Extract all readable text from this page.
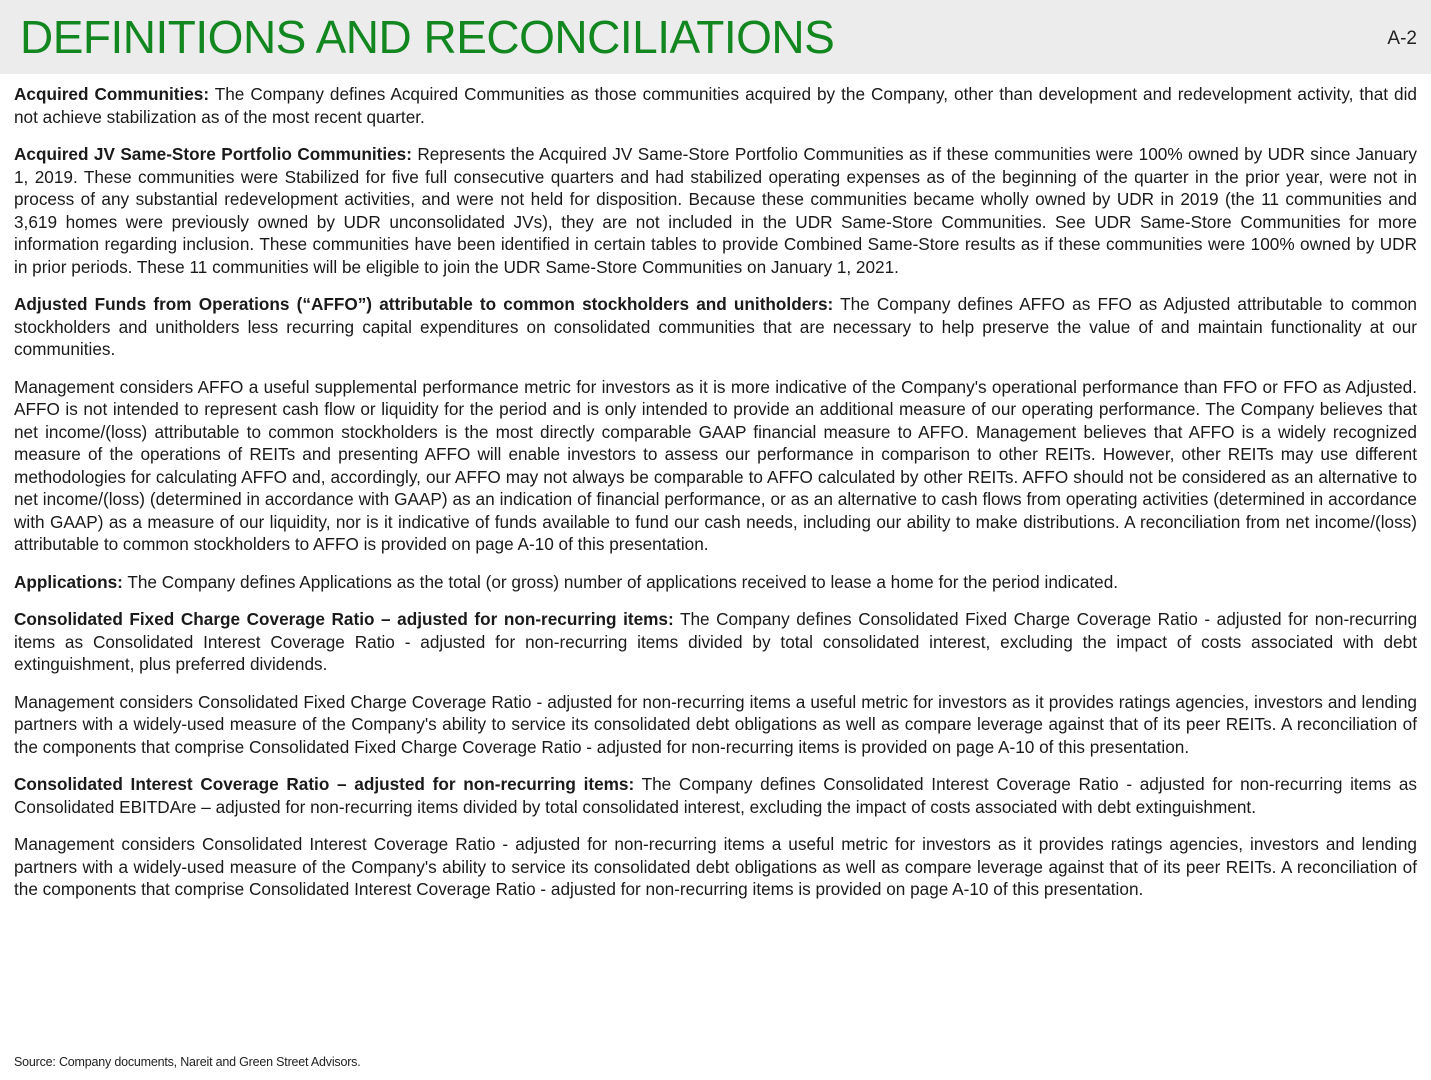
DEFINITIONS AND RECONCILIATIONS	A-2

Acquired Communities: The Company defines Acquired Communities as those communities acquired by the Company, other than development and redevelopment activity, that did not achieve stabilization as of the most recent quarter.

Acquired JV Same-Store Portfolio Communities: Represents the Acquired JV Same-Store Portfolio Communities as if these communities were 100% owned by UDR since January 1, 2019. These communities were Stabilized for five full consecutive quarters and had stabilized operating expenses as of the beginning of the quarter in the prior year, were not in process of any substantial redevelopment activities, and were not held for disposition. Because these communities became wholly owned by UDR in 2019 (the 11 communities and 3,619 homes were previously owned by UDR unconsolidated JVs), they are not included in the UDR Same-Store Communities. See UDR Same-Store Communities for more information regarding inclusion. These communities have been identified in certain tables to provide Combined Same-Store results as if these communities were 100% owned by UDR in prior periods. These 11 communities will be eligible to join the UDR Same-Store Communities on January 1, 2021.

Adjusted Funds from Operations (“AFFO”) attributable to common stockholders and unitholders: The Company defines AFFO as FFO as Adjusted attributable to common stockholders and unitholders less recurring capital expenditures on consolidated communities that are necessary to help preserve the value of and maintain functionality at our communities.

Management considers AFFO a useful supplemental performance metric for investors as it is more indicative of the Company's operational performance than FFO or FFO as Adjusted. AFFO is not intended to represent cash flow or liquidity for the period and is only intended to provide an additional measure of our operating performance. The Company believes that net income/(loss) attributable to common stockholders is the most directly comparable GAAP financial measure to AFFO. Management believes that AFFO is a widely recognized measure of the operations of REITs and presenting AFFO will enable investors to assess our performance in comparison to other REITs. However, other REITs may use different methodologies for calculating AFFO and, accordingly, our AFFO may not always be comparable to AFFO calculated by other REITs. AFFO should not be considered as an alternative to net income/(loss) (determined in accordance with GAAP) as an indication of financial performance, or as an alternative to cash flows from operating activities (determined in accordance with GAAP) as a measure of our liquidity, nor is it indicative of funds available to fund our cash needs, including our ability to make distributions. A reconciliation from net income/(loss) attributable to common stockholders to AFFO is provided on page A-10 of this presentation.

Applications: The Company defines Applications as the total (or gross) number of applications received to lease a home for the period indicated.

Consolidated Fixed Charge Coverage Ratio – adjusted for non-recurring items: The Company defines Consolidated Fixed Charge Coverage Ratio - adjusted for non-recurring items as Consolidated Interest Coverage Ratio - adjusted for non-recurring items divided by total consolidated interest, excluding the impact of costs associated with debt extinguishment, plus preferred dividends.

Management considers Consolidated Fixed Charge Coverage Ratio - adjusted for non-recurring items a useful metric for investors as it provides ratings agencies, investors and lending partners with a widely-used measure of the Company's ability to service its consolidated debt obligations as well as compare leverage against that of its peer REITs. A reconciliation of the components that comprise Consolidated Fixed Charge Coverage Ratio - adjusted for non-recurring items is provided on page A-10 of this presentation.

Consolidated Interest Coverage Ratio – adjusted for non-recurring items: The Company defines Consolidated Interest Coverage Ratio - adjusted for non-recurring items as Consolidated EBITDAre – adjusted for non-recurring items divided by total consolidated interest, excluding the impact of costs associated with debt extinguishment.

Management considers Consolidated Interest Coverage Ratio - adjusted for non-recurring items a useful metric for investors as it provides ratings agencies, investors and lending partners with a widely-used measure of the Company's ability to service its consolidated debt obligations as well as compare leverage against that of its peer REITs. A reconciliation of the components that comprise Consolidated Interest Coverage Ratio - adjusted for non-recurring items is provided on page A-10 of this presentation.

Source: Company documents, Nareit and Green Street Advisors.
